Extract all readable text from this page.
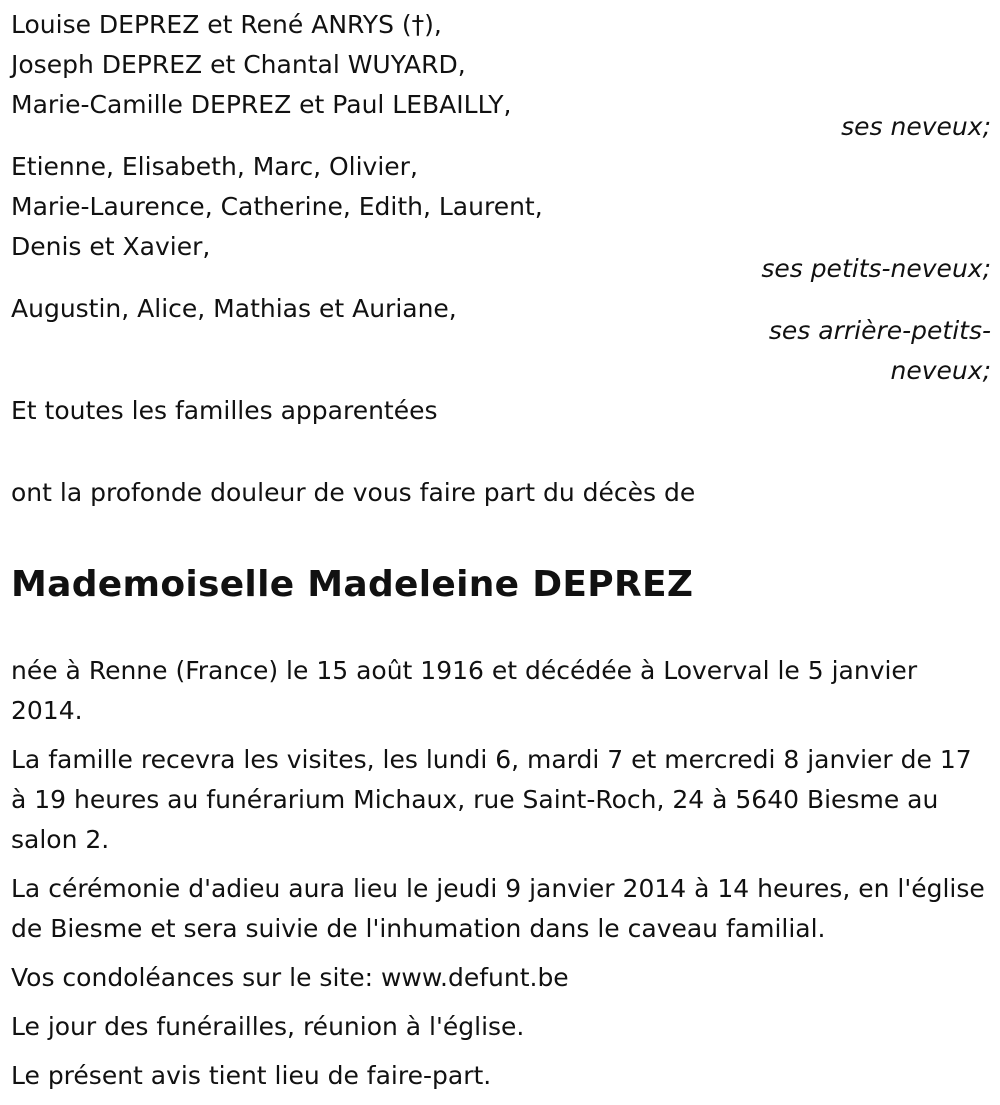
Louise DEPREZ et René ANRYS (†),
Joseph DEPREZ et Chantal WUYARD,
Marie-Camille DEPREZ et Paul LEBAILLY,
ses neveux;
Etienne, Elisabeth, Marc, Olivier,
Marie-Laurence, Catherine, Edith, Laurent,
Denis et Xavier,
ses petits-neveux;
Augustin, Alice, Mathias et Auriane,
ses arrière-petits-
neveux;
Et toutes les familles apparentées
ont la profonde douleur de vous faire part du décès de
Mademoiselle Madeleine DEPREZ
née à Renne (France) le 15 août 1916 et décédée à Loverval le 5 janvier 2014.
La famille recevra les visites, les lundi 6, mardi 7 et mercredi 8 janvier de 17 à 19 heures au funérarium Michaux, rue Saint-Roch, 24 à 5640 Biesme au salon 2.
La cérémonie d'adieu aura lieu le jeudi 9 janvier 2014 à 14 heures, en l'église de Biesme et sera suivie de l'inhumation dans le caveau familial.
Vos condoléances sur le site: www.defunt.be
Le jour des funérailles, réunion à l'église.
Le présent avis tient lieu de faire-part.
